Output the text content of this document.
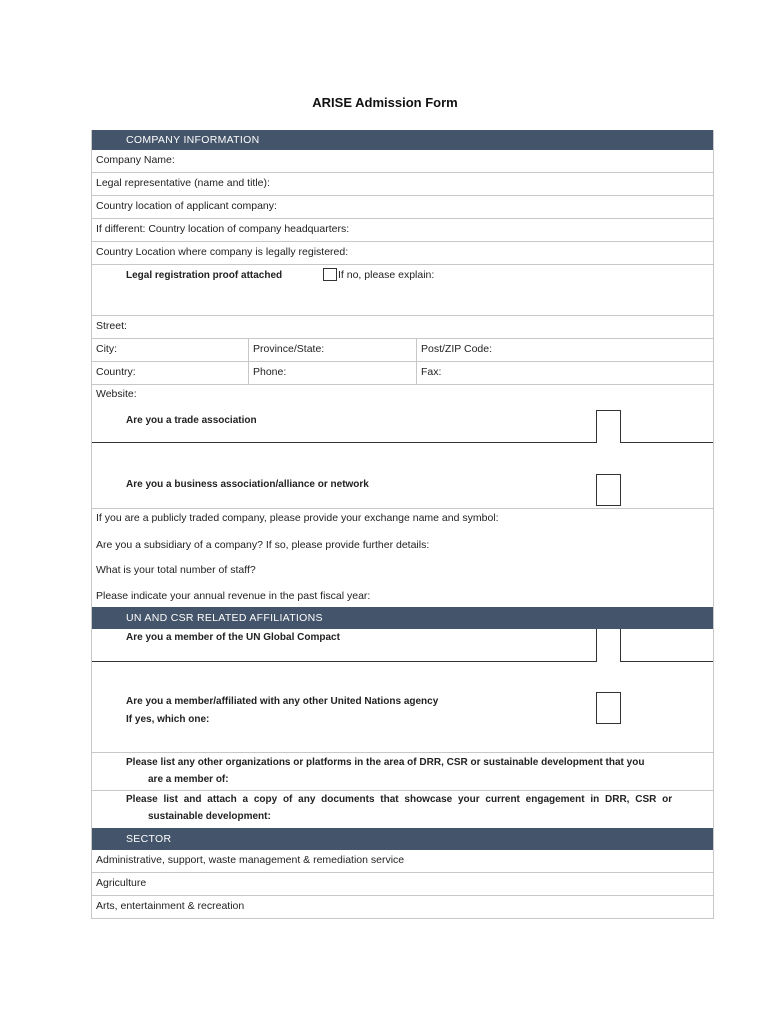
ARISE Admission Form
COMPANY INFORMATION
Company Name:
Legal representative (name and title):
Country location of applicant company:
If different: Country location of company headquarters:
Country Location where company is legally registered:
Legal registration proof attached	If no, please explain:
Street:
City:	Province/State:	Post/ZIP Code:
Country:	Phone:	Fax:
Website:
Are you a trade association
Are you a business association/alliance or network
If you are a publicly traded company, please provide your exchange name and symbol:
Are you a subsidiary of a company? If so, please provide further details:
What is your total number of staff?
Please indicate your annual revenue in the past fiscal year:
UN AND CSR RELATED AFFILIATIONS
Are you a member of the UN Global Compact
Are you a member/affiliated with any other United Nations agency
If yes, which one:
Please list any other organizations or platforms in the area of DRR, CSR or sustainable development that you
are a member of:
Please list and attach a copy of any documents that showcase your current engagement in DRR, CSR or
sustainable development:
SECTOR
Administrative, support, waste management & remediation service
Agriculture
Arts, entertainment & recreation
